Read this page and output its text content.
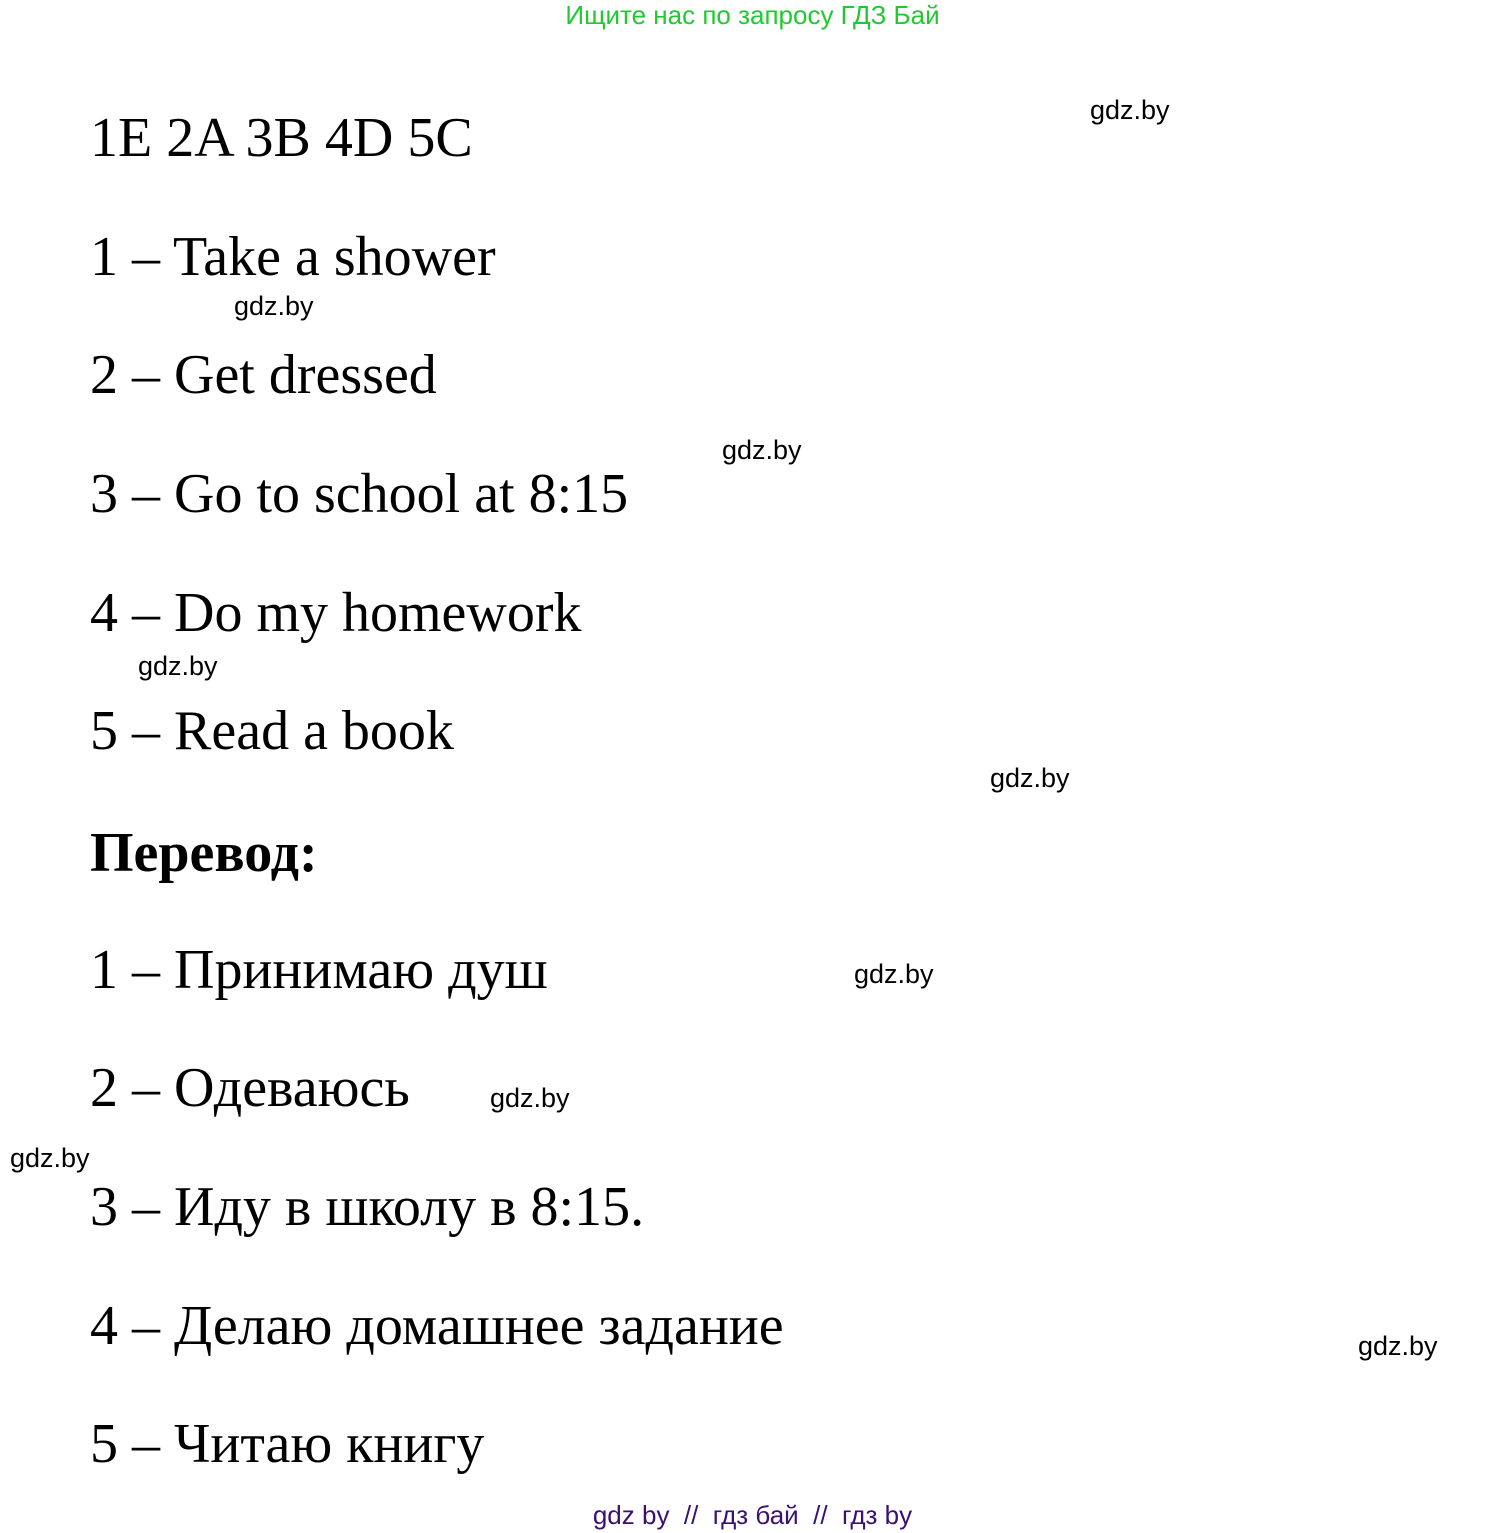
Ищите нас по запросу ГДЗ Бай
1E 2A 3B 4D 5C
1 – Take a shower
2 – Get dressed
3 – Go to school at 8:15
4 – Do my homework
5 – Read a book
Перевод:
1 – Принимаю душ
2 – Одеваюсь
3 – Иду в школу в 8:15.
4 – Делаю домашнее задание
5 – Читаю книгу
gdz.by
gdz.by
gdz.by
gdz.by
gdz.by
gdz.by
gdz.by
gdz.by
gdz.by
gdz by  //  гдз бай  //  гдз by
